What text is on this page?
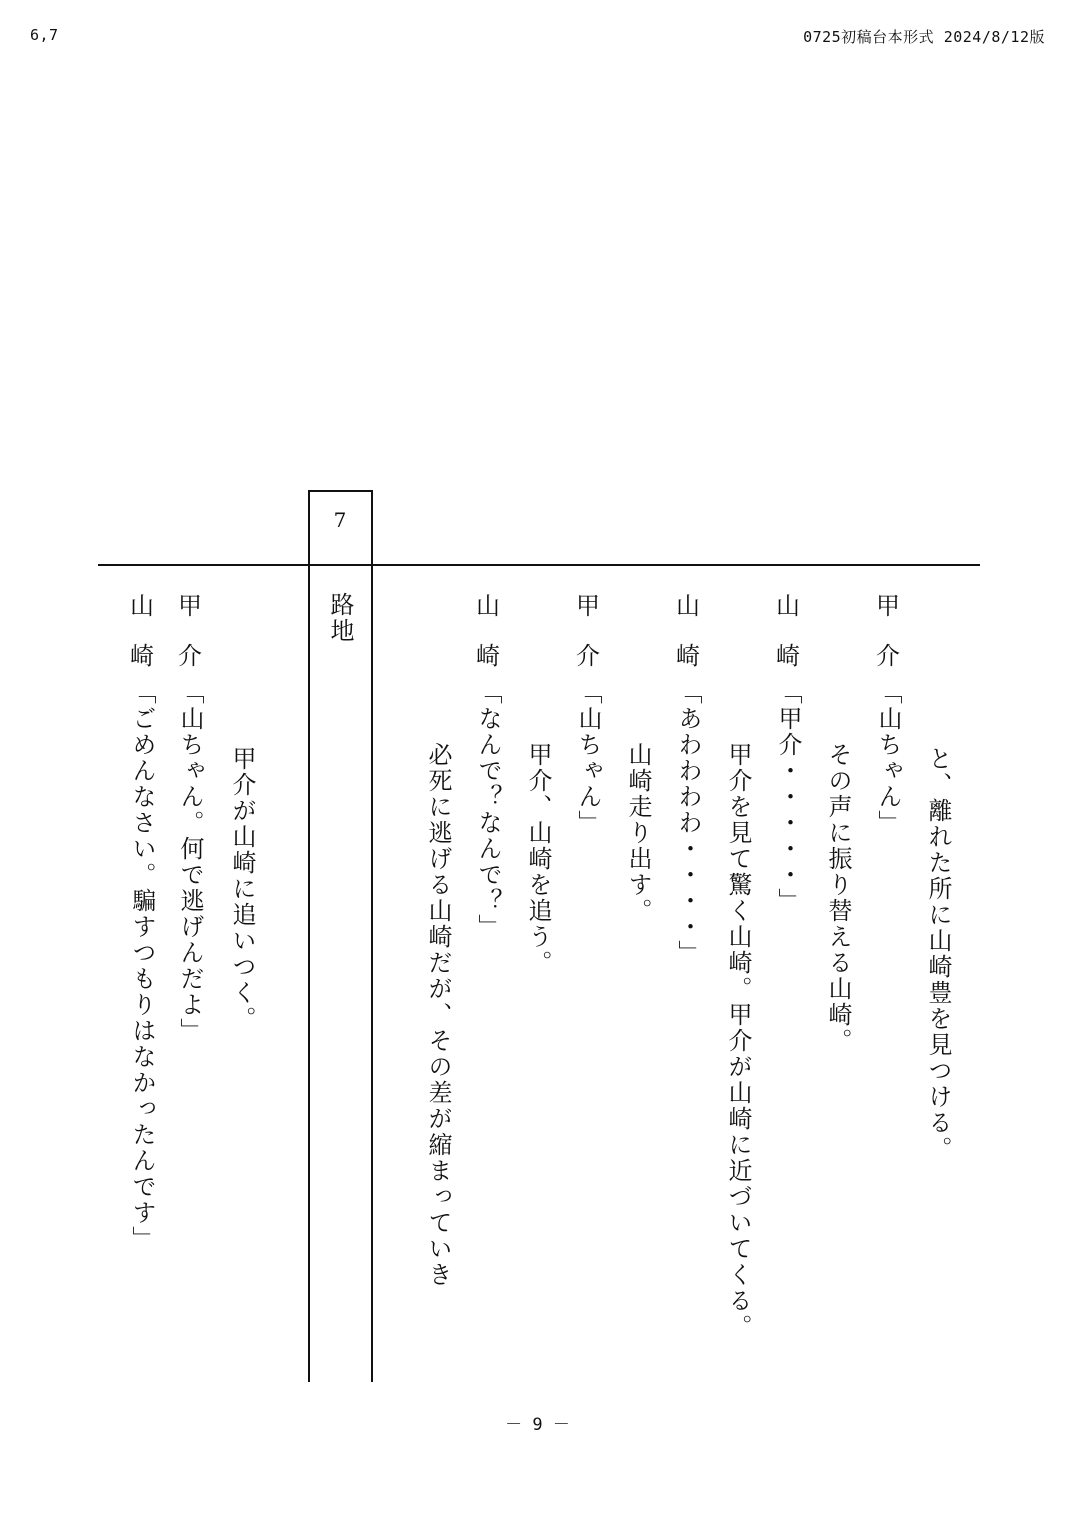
6,7	0725初稿台本形式 2024/8/12版
7
路地
と、離れた所に山崎豊を見つける。
甲
介
「山ちゃん」
その声に振り替える山崎。
山
崎
「甲介・・・・・」
甲介を見て驚く山崎。甲介が山崎に近づいてくる。
山
崎
「あわわわわ・・・・」
山崎走り出す。
甲
介
「山ちゃん」
甲介、山崎を追う。
山
崎
「なんで？なんで？」
必死に逃げる山崎だが、その差が縮まっていき
甲介が山崎に追いつく。
甲
介
「山ちゃん。何で逃げんだよ」
山
崎
「ごめんなさい。騙すつもりはなかったんです」
－ 9 －
